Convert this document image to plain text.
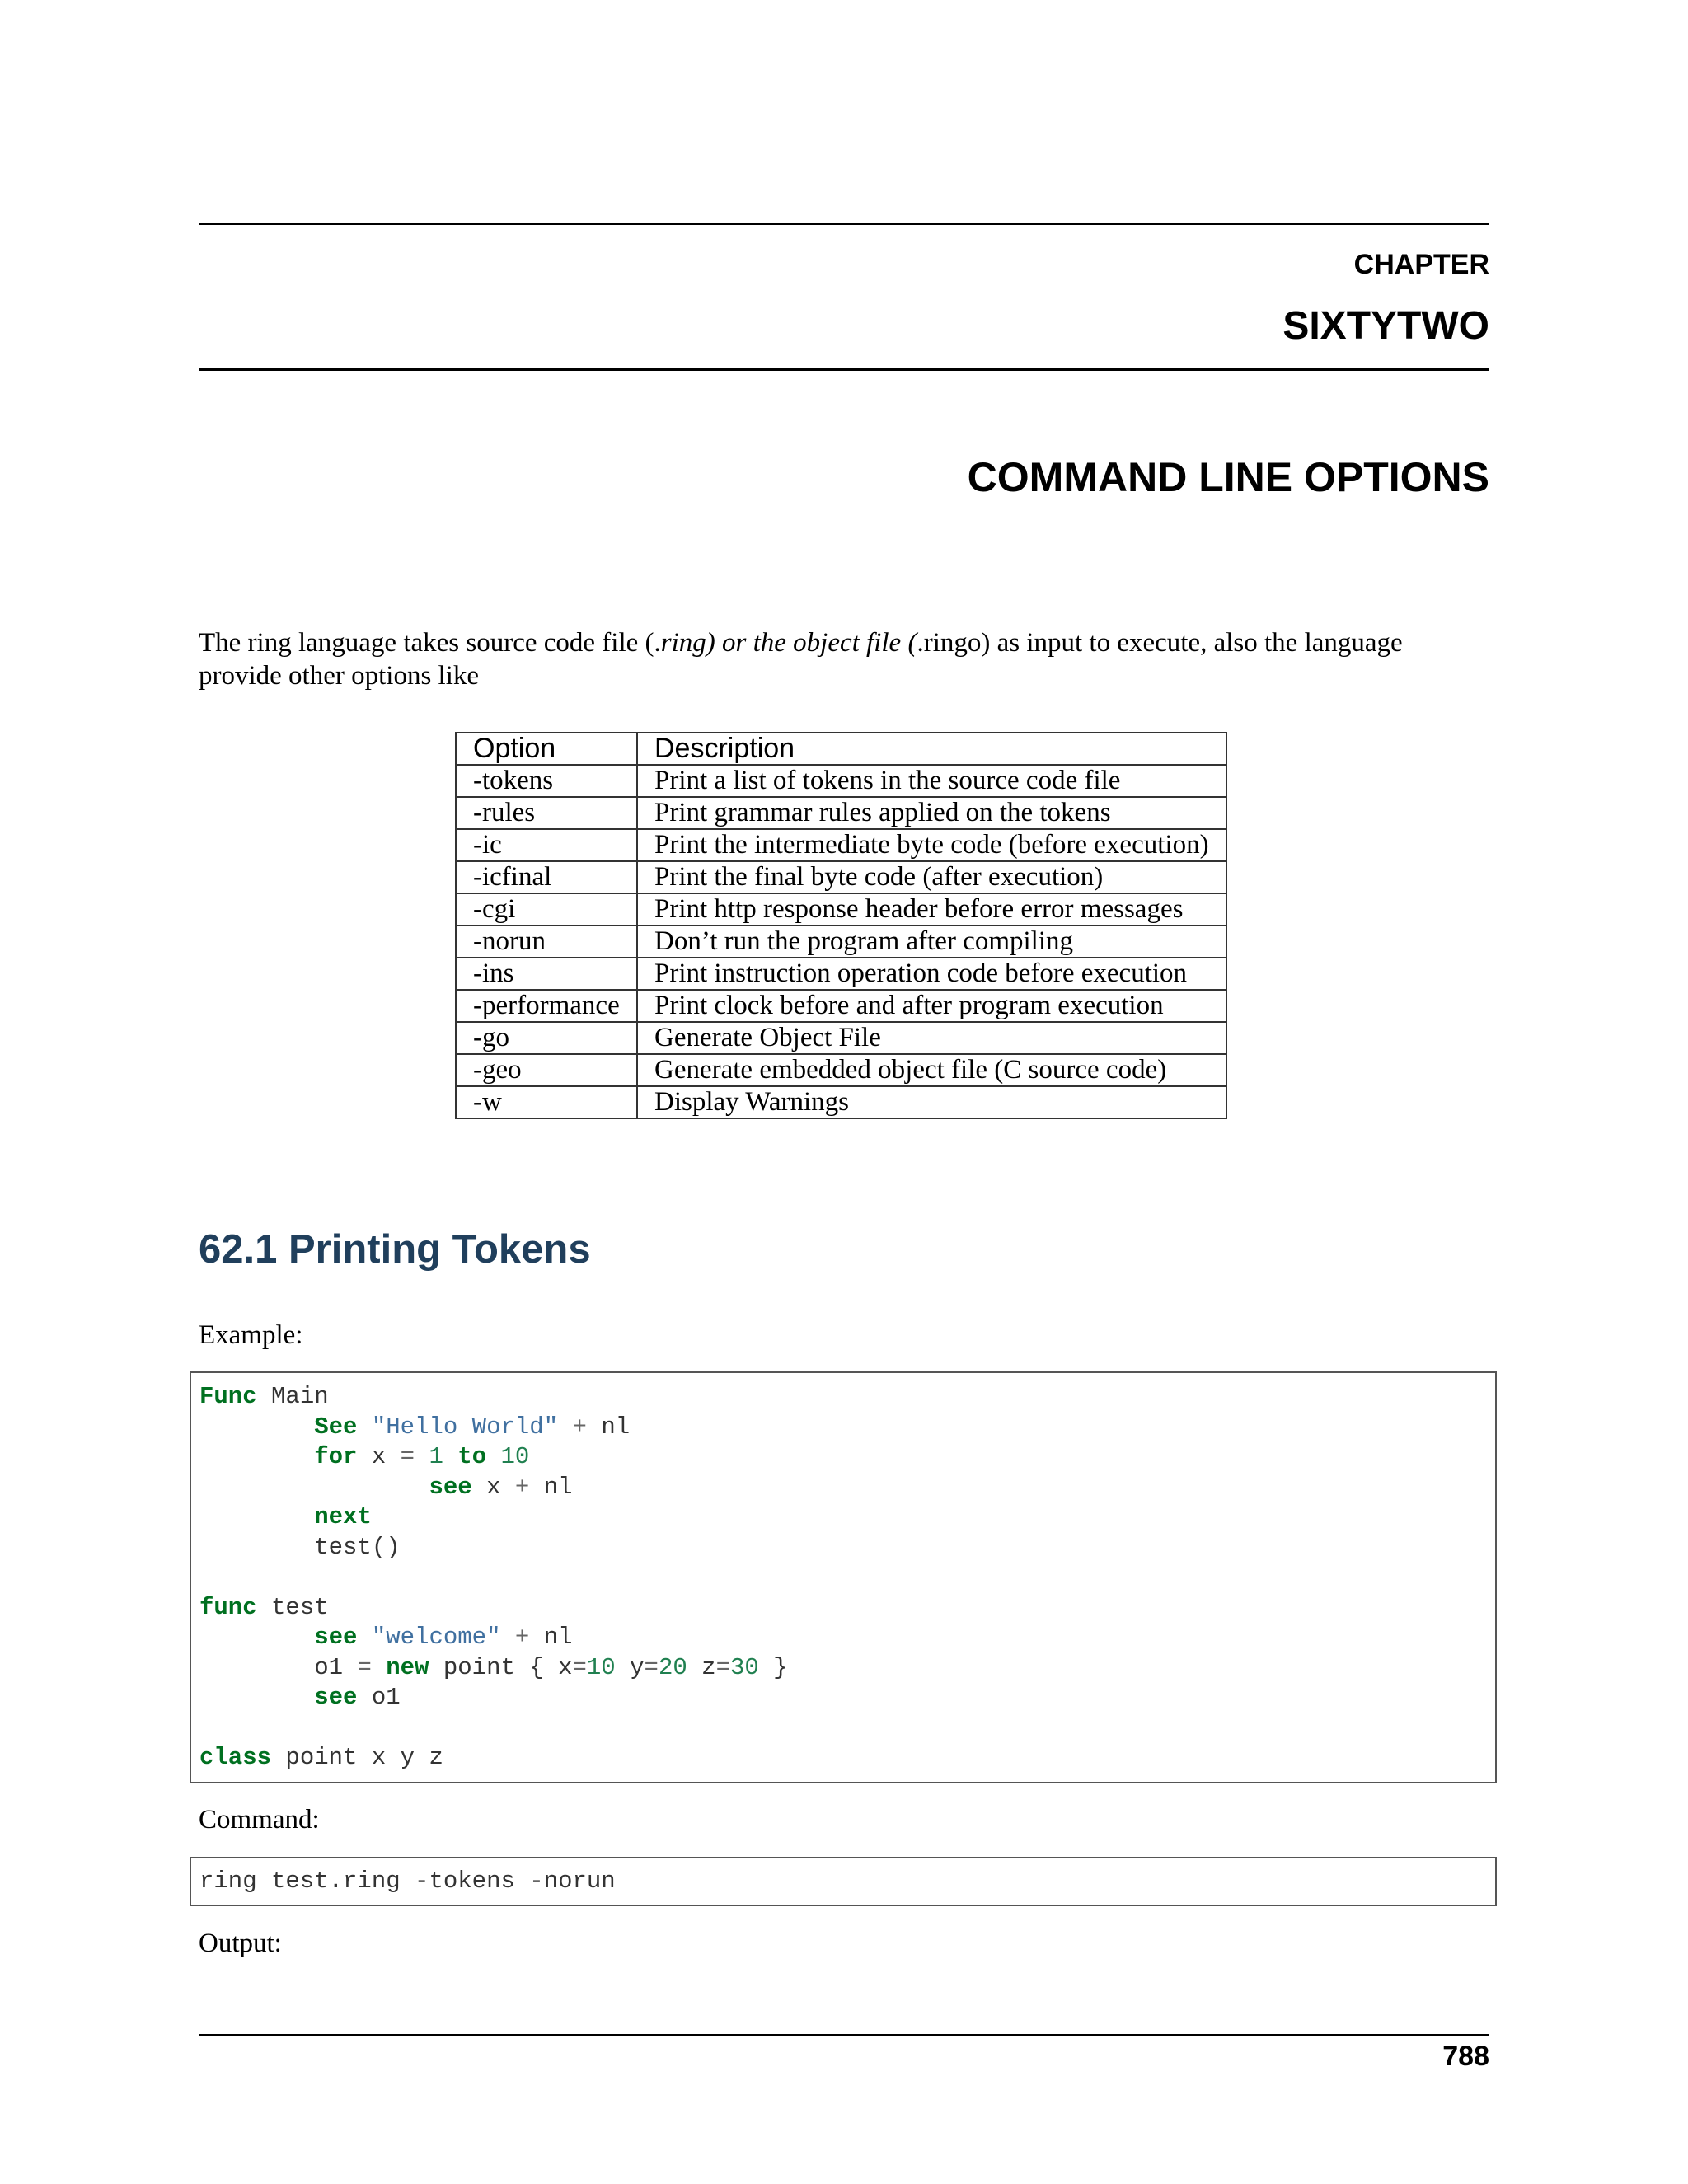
CHAPTER
SIXTYTWO
COMMAND LINE OPTIONS

The ring language takes source code file (.ring) or the object file (.ringo) as input to execute, also the language provide other options like

Option	Description
-tokens	Print a list of tokens in the source code file
-rules	Print grammar rules applied on the tokens
-ic	Print the intermediate byte code (before execution)
-icfinal	Print the final byte code (after execution)
-cgi	Print http response header before error messages
-norun	Don’t run the program after compiling
-ins	Print instruction operation code before execution
-performance	Print clock before and after program execution
-go	Generate Object File
-geo	Generate embedded object file (C source code)
-w	Display Warnings
62.1 Printing Tokens
Example:
Func Main
See "Hello World" + nl
for x = 1 to 10
see x + nl
next
test()
func test
see "welcome" + nl
o1 = new point { x=10 y=20 z=30 }
see o1
class point x y z
Command:
ring test.ring -tokens -norun
Output:
788
